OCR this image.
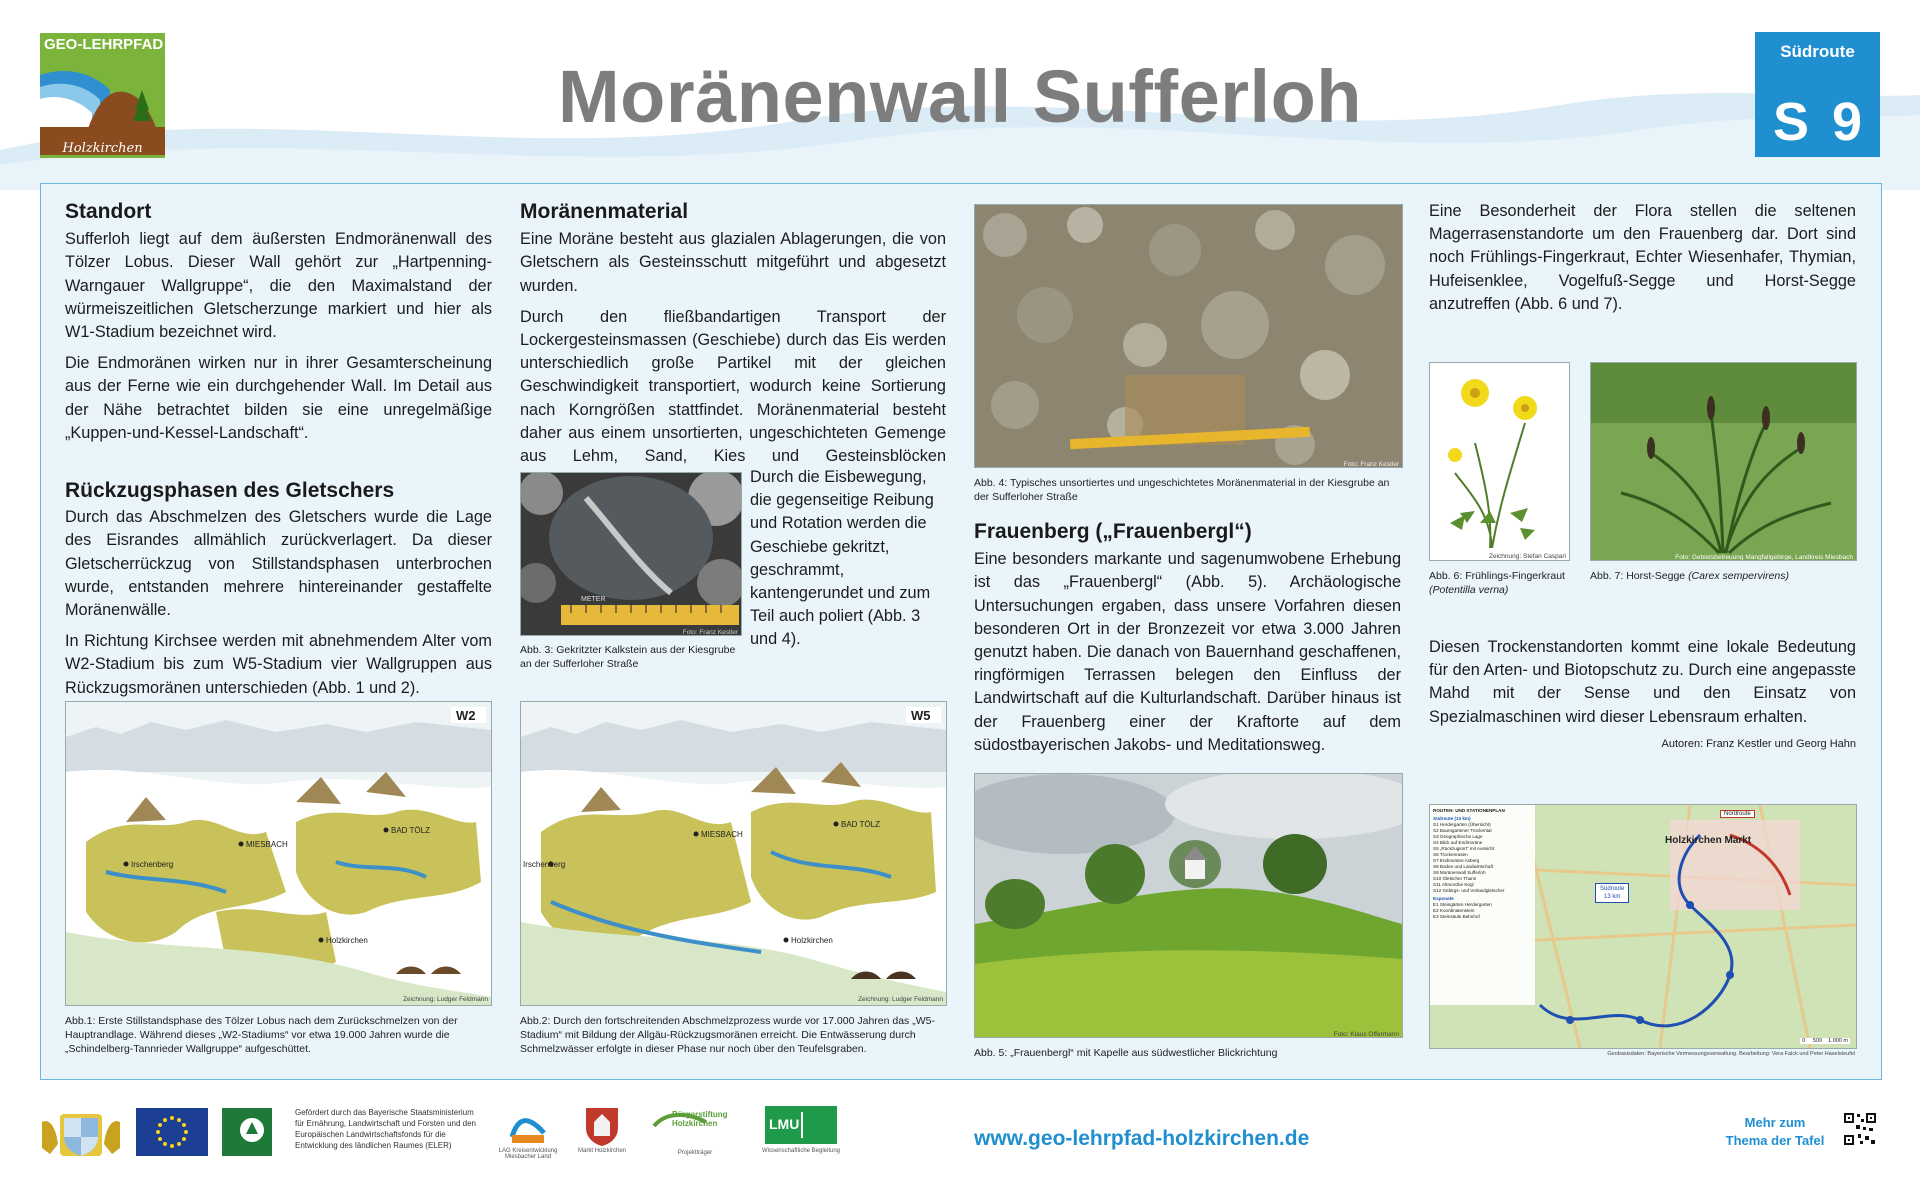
GEO-LEHRPFAD
Holzkirchen
Moränenwall Sufferloh
Südroute
S 9
Standort

Sufferloh liegt auf dem äußersten Endmoränenwall des Tölzer Lobus. Dieser Wall gehört zur „Hartpenning-Warngauer Wallgruppe“, die den Maximalstand der würmeiszeitlichen Gletscherzunge markiert und hier als W1-Stadium bezeichnet wird.

Die Endmoränen wirken nur in ihrer Gesamterscheinung aus der Ferne wie ein durchgehender Wall. Im Detail aus der Nähe betrachtet bilden sie eine unregelmäßige „Kuppen-und-Kessel-Landschaft“.

Rückzugsphasen des Gletschers

Durch das Abschmelzen des Gletschers wurde die Lage des Eisrandes allmählich zurückverlagert. Da dieser Gletscherrückzug von Stillstandsphasen unterbrochen wurde, entstanden mehrere hintereinander gestaffelte Moränenwälle.

In Richtung Kirchsee werden mit abnehmendem Alter vom W2-Stadium bis zum W5-Stadium vier Wallgruppen aus Rückzugsmoränen unterschieden (Abb. 1 und 2).

W2
Irschenberg
MIESBACH
BAD TÖLZ
Holzkirchen
Zeichnung: Ludger Feldmann
Abb.1: Erste Stillstandsphase des Tölzer Lobus nach dem Zurückschmelzen von der Hauptrandlage. Während dieses „W2-Stadiums“ vor etwa 19.000 Jahren wurde die „Schindelberg-Tannrieder Wallgruppe“ aufgeschüttet.
Moränenmaterial

Eine Moräne besteht aus glazialen Ablagerungen, die von Gletschern als Gesteinsschutt mitgeführt und abgesetzt wurden.

Durch den fließbandartigen Transport der Lockergesteinsmassen (Geschiebe) durch das Eis werden unterschiedlich große Partikel mit der gleichen Geschwindigkeit transportiert, wodurch keine Sortierung nach Korngrößen stattfindet. Moränenmaterial besteht daher aus einem unsortierten, ungeschichteten Gemenge aus Lehm, Sand, Kies und Gesteinsblöcken

METER
Foto: Franz Kestler
Abb. 3: Gekritzter Kalkstein aus der Kiesgrube an der Sufferloher Straße

Durch die Eisbewegung, die gegenseitige Reibung und Rotation werden die Geschiebe gekritzt, geschrammt, kantengerundet und zum Teil auch poliert (Abb. 3 und 4).

W5
Irschenberg
MIESBACH
BAD TÖLZ
Holzkirchen
Zeichnung: Ludger Feldmann
Abb.2: Durch den fortschreitenden Abschmelzprozess wurde vor 17.000 Jahren das „W5-Stadium“ mit Bildung der Allgäu-Rückzugsmoränen erreicht. Die Entwässerung durch Schmelzwässer erfolgte in dieser Phase nur noch über den Teufelsgraben.
Foto: Franz Kestler
Abb. 4: Typisches unsortiertes und ungeschichtetes Moränenmaterial in der Kiesgrube an der Sufferloher Straße
Frauenberg („Frauenbergl“)

Eine besonders markante und sagenumwobene Erhebung ist das „Frauenbergl“ (Abb. 5). Archäologische Untersuchungen ergaben, dass unsere Vorfahren diesen besonderen Ort in der Bronzezeit vor etwa 3.000 Jahren genutzt haben. Die danach von Bauernhand geschaffenen, ringförmigen Terrassen belegen den Einfluss der Landwirtschaft auf die Kulturlandschaft. Darüber hinaus ist der Frauenberg einer der Kraftorte auf dem südostbayerischen Jakobs- und Meditationsweg.

Foto: Klaus Offermann
Abb. 5: „Frauenbergl“ mit Kapelle aus südwestlicher Blickrichtung

Eine Besonderheit der Flora stellen die seltenen Magerrasenstandorte um den Frauenberg dar. Dort sind noch Frühlings-Fingerkraut, Echter Wiesenhafer, Thymian, Hufeisenklee, Vogelfuß-Segge und Horst-Segge anzutreffen (Abb. 6 und 7).

Zeichnung: Stefan Caspari
Abb. 6: Frühlings-Fingerkraut
(Potentilla verna)
Foto: Gebietsbetreuung Mangfallgebirge, Landkreis Miesbach
Abb. 7: Horst-Segge (Carex sempervirens)

Diesen Trockenstandorten kommt eine lokale Bedeutung für den Arten- und Biotopschutz zu. Durch eine angepasste Mahd mit der Sense und den Einsatz von Spezialmaschinen wird dieser Lebensraum erhalten.

Autoren: Franz Kestler und Georg Hahn
ROUTEN- UND STATIONENPLAN
Südroute (13 km)
S1 Herdergarten (Übersicht)
S2 Baumgartener Trockental
S3 Geographische Lage
S4 Blick auf Endmoräne
S5 „Rückzugsort“ mit Aussicht
S6 Trockenrasen
S7 Endmoräne Asberg
S8 Boden und Landwirtschaft
S9 Moränenwall Sufferloh
S10 Gletscher Thann
S11 Attmordne Kegl
S12 Gebirgs- und Vorlandgletscher
Exponate
E1 Steingärten Herdergarten
E2 Koordinatenstein
E3 Steinsäule Bahnhof
Holzkirchen Markt
Nordroute
Südroute
13 km
0     500    1.000 m
Geobasisdaten: Bayerische Vermessungsverwaltung. Bearbeitung: Vera Falck und Peter Haselsteufel
Gefördert durch das Bayerische Staatsministerium für Ernährung, Landwirtschaft und Forsten und den Europäischen Landwirtschaftsfonds für die Entwicklung des ländlichen Raumes (ELER)
LAG Kreisentwicklung Miesbacher Land
Markt Holzkirchen
Bürgerstiftung Holzkirchen
Projektträger
LMU
Wissenschaftliche Begleitung
www.geo-lehrpfad-holzkirchen.de
Mehr zum
Thema der Tafel
